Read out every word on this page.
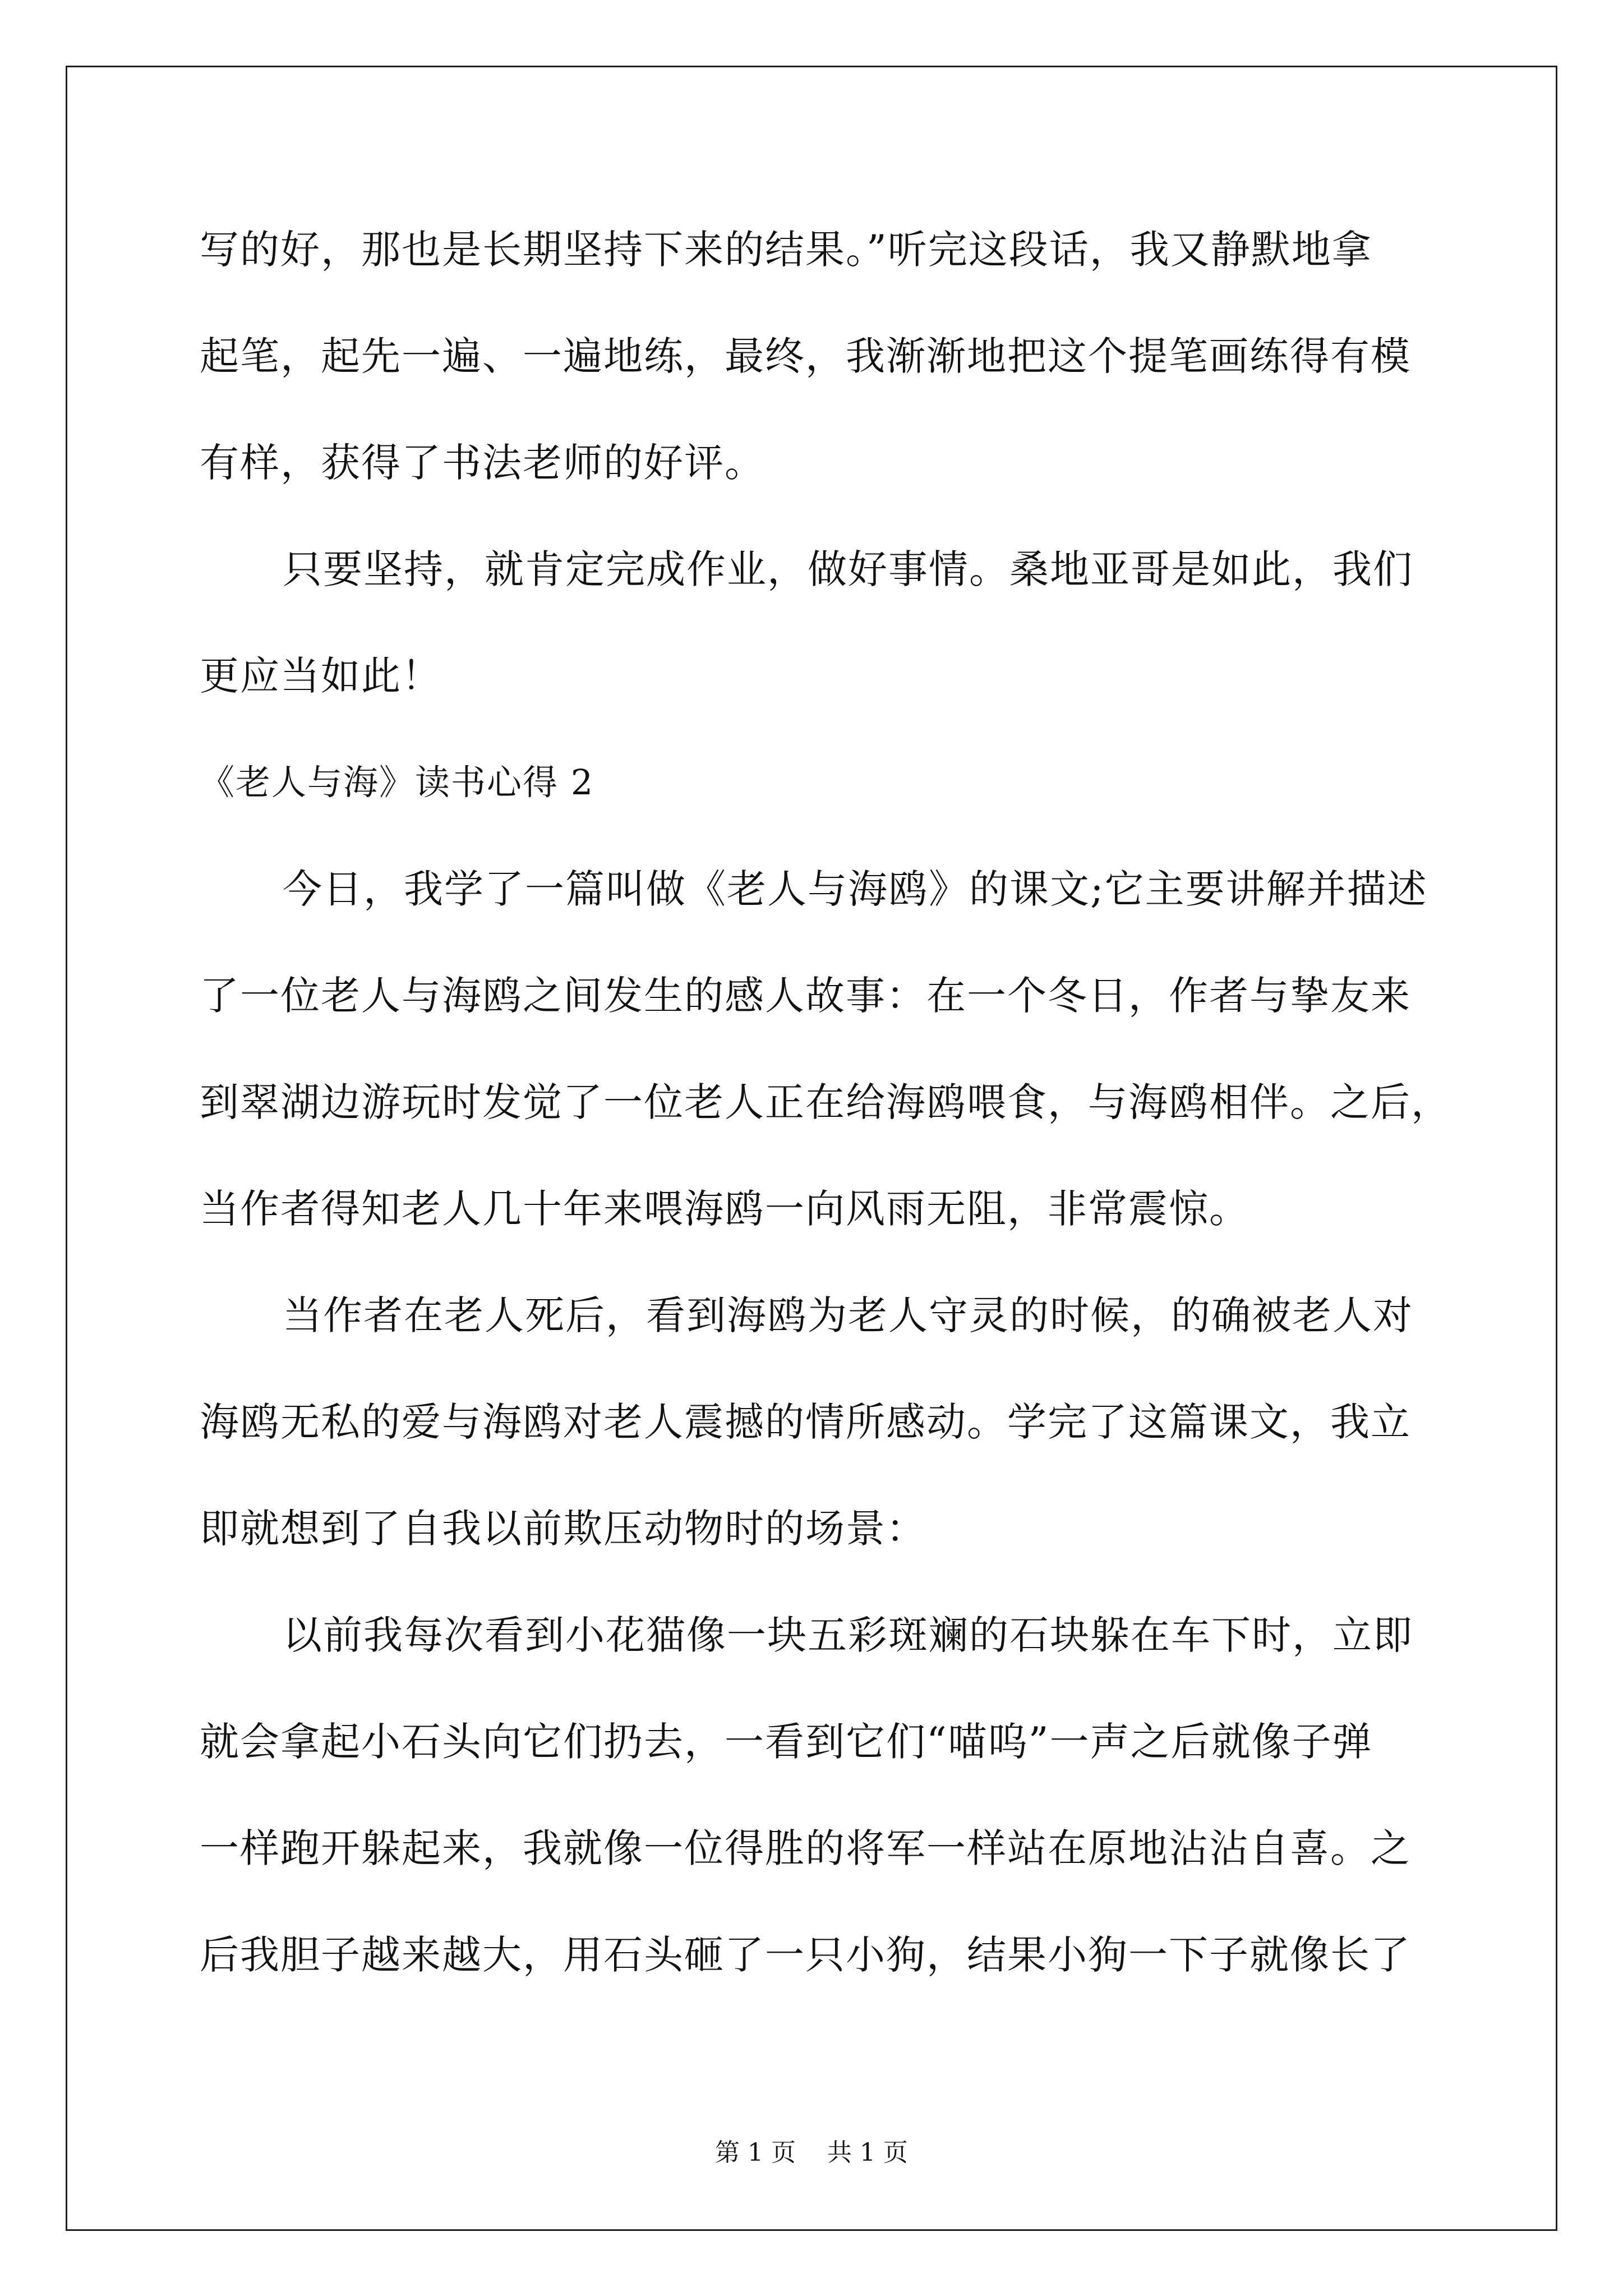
写的好，那也是长期坚持下来的结果。”听完这段话，我又静默地拿
起笔，起先一遍、一遍地练，最终，我渐渐地把这个提笔画练得有模
有样，获得了书法老师的好评。
只要坚持，就肯定完成作业，做好事情。桑地亚哥是如此，我们
更应当如此！
《老人与海》读书心得 2
今日，我学了一篇叫做《老人与海鸥》的课文;它主要讲解并描述
了一位老人与海鸥之间发生的感人故事：在一个冬日，作者与挚友来
到翠湖边游玩时发觉了一位老人正在给海鸥喂食，与海鸥相伴。之后，
当作者得知老人几十年来喂海鸥一向风雨无阻，非常震惊。
当作者在老人死后，看到海鸥为老人守灵的时候，的确被老人对
海鸥无私的爱与海鸥对老人震撼的情所感动。学完了这篇课文，我立
即就想到了自我以前欺压动物时的场景：
以前我每次看到小花猫像一块五彩斑斓的石块躲在车下时，立即
就会拿起小石头向它们扔去，一看到它们“喵呜”一声之后就像子弹
一样跑开躲起来，我就像一位得胜的将军一样站在原地沾沾自喜。之
后我胆子越来越大，用石头砸了一只小狗，结果小狗一下子就像长了
第 1 页    共 1 页
